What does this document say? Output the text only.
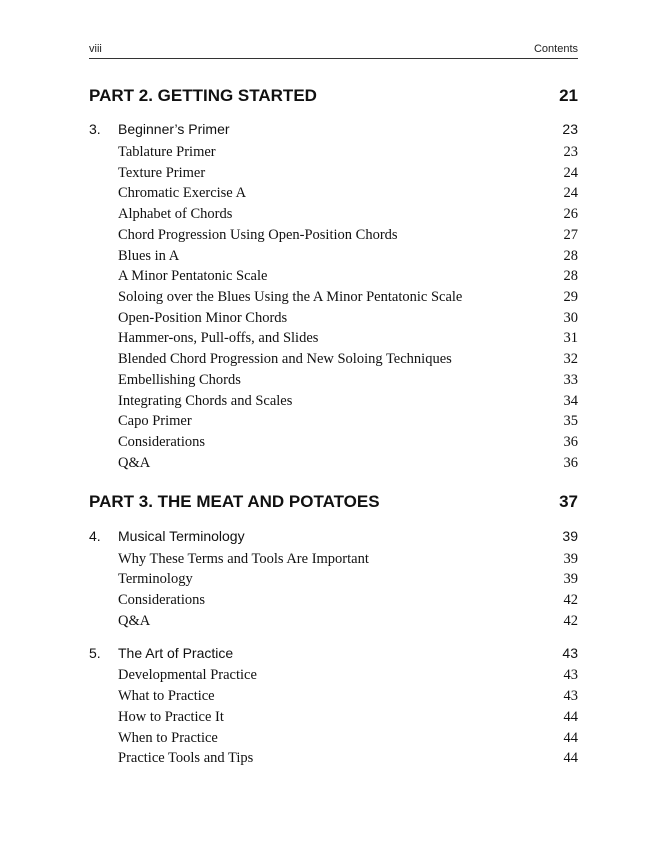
viii	Contents
PART 2. GETTING STARTED	21
3. Beginner’s Primer	23
Tablature Primer	23
Texture Primer	24
Chromatic Exercise A	24
Alphabet of Chords	26
Chord Progression Using Open-Position Chords	27
Blues in A	28
A Minor Pentatonic Scale	28
Soloing over the Blues Using the A Minor Pentatonic Scale	29
Open-Position Minor Chords	30
Hammer-ons, Pull-offs, and Slides	31
Blended Chord Progression and New Soloing Techniques	32
Embellishing Chords	33
Integrating Chords and Scales	34
Capo Primer	35
Considerations	36
Q&A	36
PART 3. THE MEAT AND POTATOES	37
4. Musical Terminology	39
Why These Terms and Tools Are Important	39
Terminology	39
Considerations	42
Q&A	42
5. The Art of Practice	43
Developmental Practice	43
What to Practice	43
How to Practice It	44
When to Practice	44
Practice Tools and Tips	44
